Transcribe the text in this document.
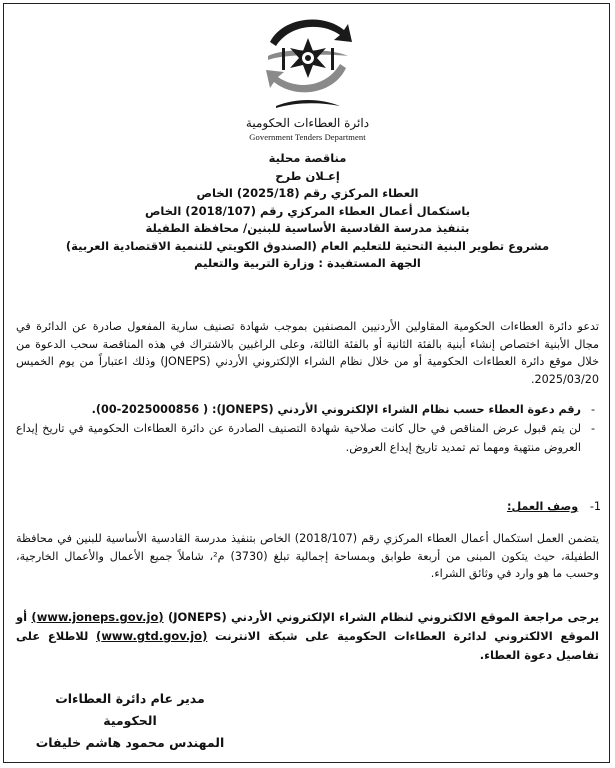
دائرة العطاءات الحكومية
Government Tenders Department
مناقصة محلية
إعـلان طرح
العطاء المركزي رقم (2025/18) الخاص
باستكمال أعمال العطاء المركزي رقم (2018/107) الخاص
بتنفيذ مدرسة القادسية الأساسية للبنين/ محافظة الطفيلة
مشروع تطوير البنية التحتية للتعليم العام (الصندوق الكويتي للتنمية الاقتصادية العربية)
الجهة المستفيدة : وزارة التربية والتعليم
تدعو دائرة العطاءات الحكومية المقاولين الأردنيين المصنفين بموجب شهادة تصنيف سارية المفعول صادرة عن الدائرة في مجال الأبنية اختصاص إنشاء أبنية بالفئة الثانية أو بالفئة الثالثة، وعلى الراغبين بالاشتراك في هذه المناقصة سحب الدعوة من خلال موقع دائرة العطاءات الحكومية أو من خلال نظام الشراء الإلكتروني الأردني (JONEPS) وذلك اعتباراً من يوم الخميس 2025/03/20.
-
رقم دعوة العطاء حسب نظام الشراء الإلكتروني الأردني (JONEPS): ( 00-2025000856).
-
لن يتم قبول عرض المناقص في حال كانت صلاحية شهادة التصنيف الصادرة عن دائرة العطاءات الحكومية في تاريخ إيداع العروض منتهية ومهما تم تمديد تاريخ إيداع العروض.
1- وصف العمل:
يتضمن العمل استكمال أعمال العطاء المركزي رقم (2018/107) الخاص بتنفيذ مدرسة القادسية الأساسية للبنين في محافظة الطفيلة، حيث يتكون المبنى من أربعة طوابق وبمساحة إجمالية تبلغ (3730) م²، شاملاً جميع الأعمال والأعمال الخارجية، وحسب ما هو وارد في وثائق الشراء.
يرجى مراجعة الموقع الالكتروني لنظام الشراء الإلكتروني الأردني (JONEPS) (www.joneps.gov.jo) أو الموقع الالكتروني لدائرة العطاءات الحكومية على شبكة الانترنت (www.gtd.gov.jo) للاطلاع على تفاصيل دعوة العطاء.
مدير عام دائرة العطاءات الحكومية
المهندس محمود هاشم خليفات
